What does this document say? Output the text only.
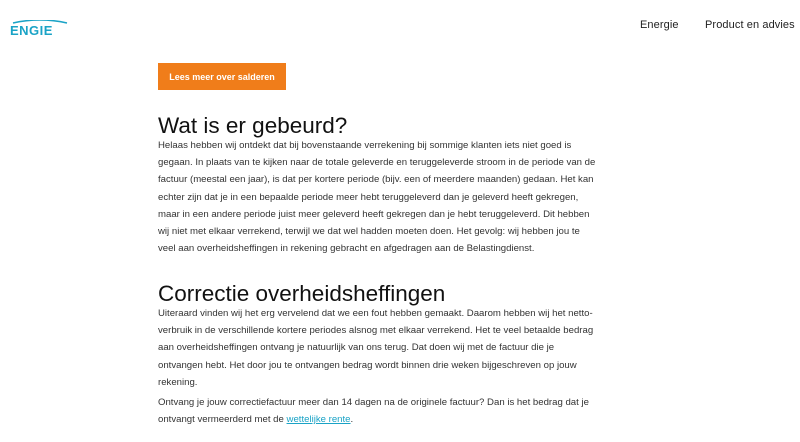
ENGIE	Energie Product en advies
Lees meer over salderen
Wat is er gebeurd?

Helaas hebben wij ontdekt dat bij bovenstaande verrekening bij sommige klanten iets niet goed is gegaan. In plaats van te kijken naar de totale geleverde en teruggeleverde stroom in de periode van de factuur (meestal een jaar), is dat per kortere periode (bijv. een of meerdere maanden) gedaan. Het kan echter zijn dat je in een bepaalde periode meer hebt teruggeleverd dan je geleverd heeft gekregen, maar in een andere periode juist meer geleverd heeft gekregen dan je hebt teruggeleverd. Dit hebben wij niet met elkaar verrekend, terwijl we dat wel hadden moeten doen. Het gevolg: wij hebben jou te veel aan overheidsheffingen in rekening gebracht en afgedragen aan de Belastingdienst.

Correctie overheidsheffingen

Uiteraard vinden wij het erg vervelend dat we een fout hebben gemaakt. Daarom hebben wij het netto-verbruik in de verschillende kortere periodes alsnog met elkaar verrekend. Het te veel betaalde bedrag aan overheidsheffingen ontvang je natuurlijk van ons terug. Dat doen wij met de factuur die je ontvangen hebt. Het door jou te ontvangen bedrag wordt binnen drie weken bijgeschreven op jouw rekening.

Ontvang je jouw correctiefactuur meer dan 14 dagen na de originele factuur? Dan is het bedrag dat je ontvangt vermeerderd met de wettelijke rente.
